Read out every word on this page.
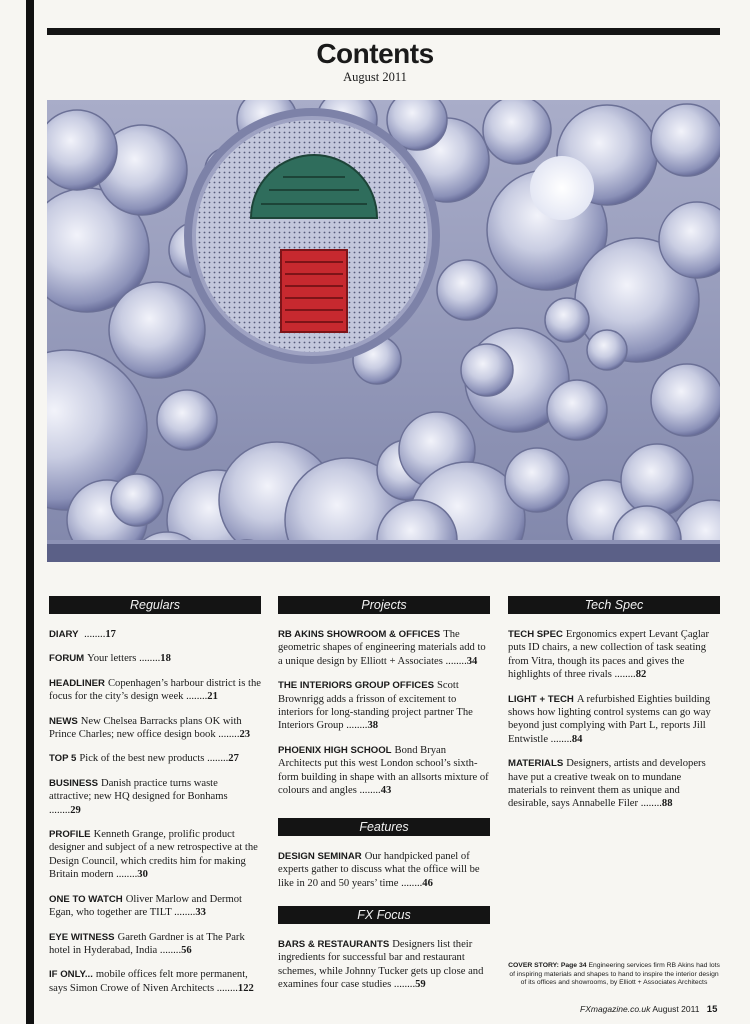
Contents
August 2011
Regulars
DIARY ........17
FORUM Your letters ........18
HEADLINER Copenhagen’s harbour district is the focus for the city’s design week ........21
NEWS New Chelsea Barracks plans OK with Prince Charles; new office design book ........23
TOP 5 Pick of the best new products ........27
BUSINESS Danish practice turns waste attractive; new HQ designed for Bonhams ........29
PROFILE Kenneth Grange, prolific product designer and subject of a new retrospective at the Design Council, which credits him for making Britain modern ........30
ONE TO WATCH Oliver Marlow and Dermot Egan, who together are TILT ........33
EYE WITNESS Gareth Gardner is at The Park hotel in Hyderabad, India ........56
IF ONLY... mobile offices felt more permanent, says Simon Crowe of Niven Architects ........122
Projects
RB AKINS SHOWROOM & OFFICES The geometric shapes of engineering materials add to a unique design by Elliott + Associates ........34
THE INTERIORS GROUP OFFICES Scott Brownrigg adds a frisson of excitement to interiors for long-standing project partner The Interiors Group ........38
PHOENIX HIGH SCHOOL Bond Bryan Architects put this west London school’s sixth-form building in shape with an allsorts mixture of colours and angles ........43
Features
DESIGN SEMINAR Our handpicked panel of experts gather to discuss what the office will be like in 20 and 50 years’ time ........46
FX Focus
BARS & RESTAURANTS Designers list their ingredients for successful bar and restaurant schemes, while Johnny Tucker gets up close and examines four case studies ........59
Tech Spec
TECH SPEC Ergonomics expert Levant Çaglar puts ID chairs, a new collection of task seating from Vitra, though its paces and gives the highlights of three rivals ........82
LIGHT + TECH A refurbished Eighties building shows how lighting control systems can go way beyond just complying with Part L, reports Jill Entwistle ........84
MATERIALS Designers, artists and developers have put a creative tweak on to mundane materials to reinvent them as unique and desirable, says Annabelle Filer ........88
COVER STORY: Page 34 Engineering services firm RB Akins had lots of inspiring materials and shapes to hand to inspire the interior design of its offices and showrooms, by Elliott + Associates Architects
FXmagazine.co.uk August 2011 15
